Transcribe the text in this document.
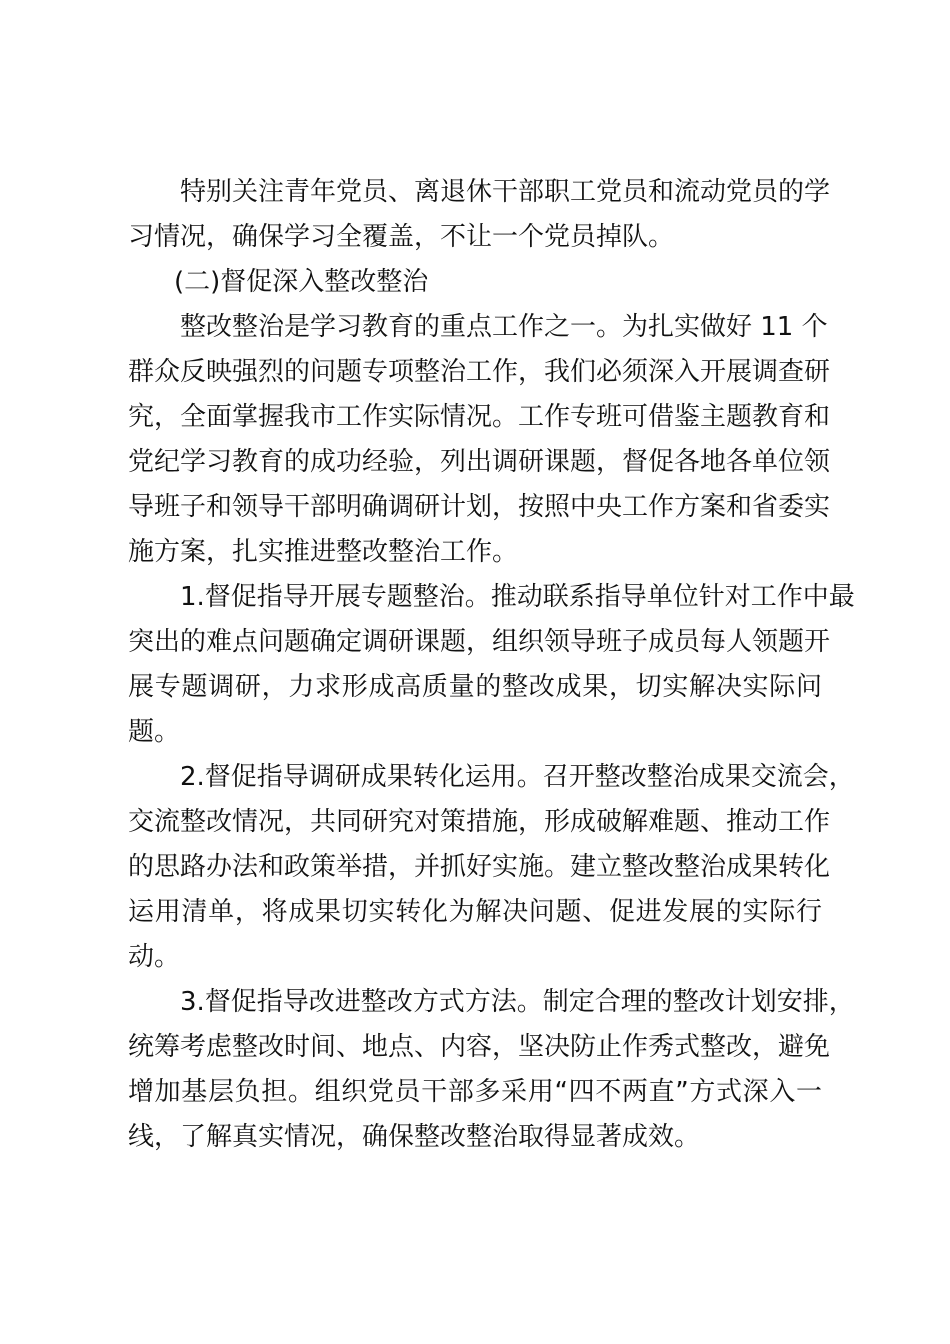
特别关注青年党员、离退休干部职工党员和流动党员的学
习情况，确保学习全覆盖，不让一个党员掉队。
(二)督促深入整改整治
整改整治是学习教育的重点工作之一。为扎实做好 11 个
群众反映强烈的问题专项整治工作，我们必须深入开展调查研
究，全面掌握我市工作实际情况。工作专班可借鉴主题教育和
党纪学习教育的成功经验，列出调研课题，督促各地各单位领
导班子和领导干部明确调研计划，按照中央工作方案和省委实
施方案，扎实推进整改整治工作。
1.督促指导开展专题整治。推动联系指导单位针对工作中最
突出的难点问题确定调研课题，组织领导班子成员每人领题开
展专题调研，力求形成高质量的整改成果，切实解决实际问
题。
2.督促指导调研成果转化运用。召开整改整治成果交流会，
交流整改情况，共同研究对策措施，形成破解难题、推动工作
的思路办法和政策举措，并抓好实施。建立整改整治成果转化
运用清单，将成果切实转化为解决问题、促进发展的实际行
动。
3.督促指导改进整改方式方法。制定合理的整改计划安排，
统筹考虑整改时间、地点、内容，坚决防止作秀式整改，避免
增加基层负担。组织党员干部多采用“四不两直”方式深入一
线，了解真实情况，确保整改整治取得显著成效。
